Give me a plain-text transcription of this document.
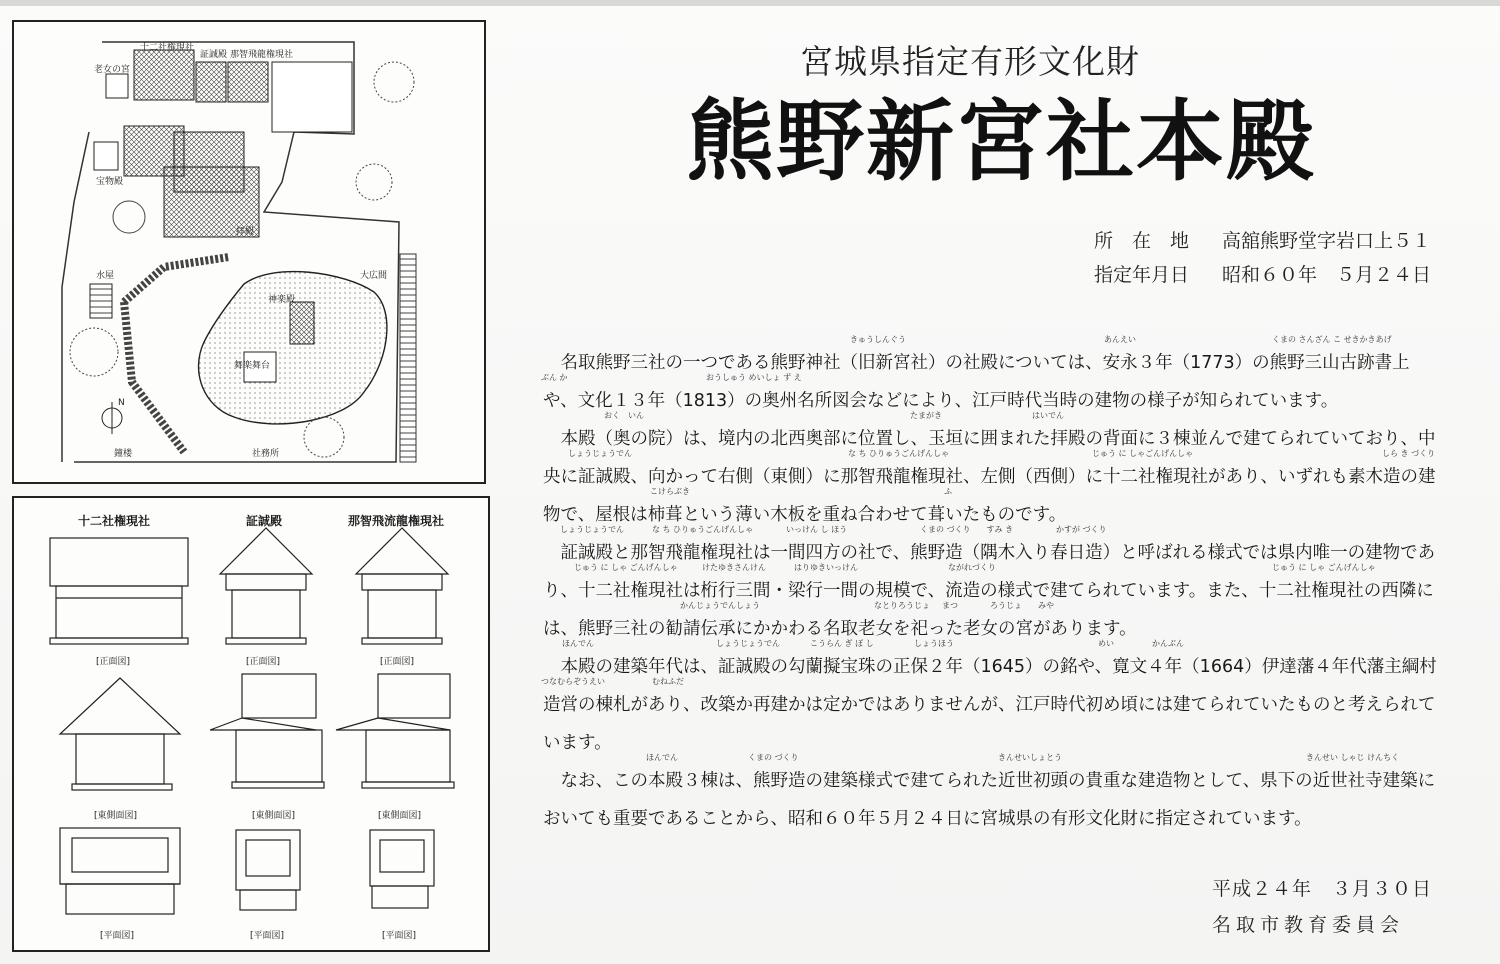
十二社権現社
証誠殿 那智飛龍権現社
老女の宮
宝物殿
拝殿
水屋	大広間
神楽殿
舞楽舞台
社務所
鐘楼
N
十二社権現社	証誠殿	那智飛流龍権現社
[正面図]	[正面図]	[正面図]
[東側面図]	[東側面図]	[東側面図]
[平面図]	[平面図]	[平面図]
宮城県指定有形文化財
熊野新宮社本殿
所　在　地 高舘熊野堂字岩口上５１
指定年月日 昭和６０年　５月２４日
きゅうしんぐう	あんえい	くまの さんざん こ せきかきあげ
ぶん か	おうしゅう めいしょ ず え
おく　いん	たまがき	はいでん
しょうじょうでん	な ち ひりゅうごんげんしゃ	じゅう に しゃごんげんしゃ	しら き づくり
こけらぶき	ふ
しょうじょうでん	な ち ひりゅうごんげんしゃ	いっけん し ほう	くまの づくり　　すみ き	かすが づくり
じゅう に しゃ ごんげんしゃ	けたゆきさんけん	はりゆきいっけん	ながれづくり	じゅう に しゃ ごんげんしゃ
かんじょうでんしょう	なとりろうじょ まつ	ろうじょ　　みや
ほんでん	しょうじょうでん	こうらん ぎ ぼ し	しょうほう	めい	かんぶん
つなむらぞうえい	むねふだ
ほんでん	くまの づくり	きんせいしょとう	きんせい しゃじ けんちく

名取熊野三社の一つである熊野神社（旧新宮社）の社殿については、安永３年（1773）の熊野三山古跡書上や、文化１３年（1813）の奥州名所図会などにより、江戸時代当時の建物の様子が知られています。

本殿（奥の院）は、境内の北西奥部に位置し、玉垣に囲まれた拝殿の背面に３棟並んで建てられていており、中央に証誠殿、向かって右側（東側）に那智飛龍権現社、左側（西側）に十二社権現社があり、いずれも素木造の建物で、屋根は柿葺という薄い木板を重ね合わせて葺いたものです。

証誠殿と那智飛龍権現社は一間四方の社で、熊野造（隅木入り春日造）と呼ばれる様式では県内唯一の建物であり、十二社権現社は桁行三間・梁行一間の規模で、流造の様式で建てられています。また、十二社権現社の西隣には、熊野三社の勧請伝承にかかわる名取老女を祀った老女の宮があります。

本殿の建築年代は、証誠殿の勾蘭擬宝珠の正保２年（1645）の銘や、寛文４年（1664）伊達藩４年代藩主綱村造営の棟札があり、改築か再建かは定かではありませんが、江戸時代初め頃には建てられていたものと考えられています。

なお、この本殿３棟は、熊野造の建築様式で建てられた近世初頭の貴重な建造物として、県下の近世社寺建築においても重要であることから、昭和６０年５月２４日に宮城県の有形文化財に指定されています。

平成２４年　３月３０日
名取市教育委員会
